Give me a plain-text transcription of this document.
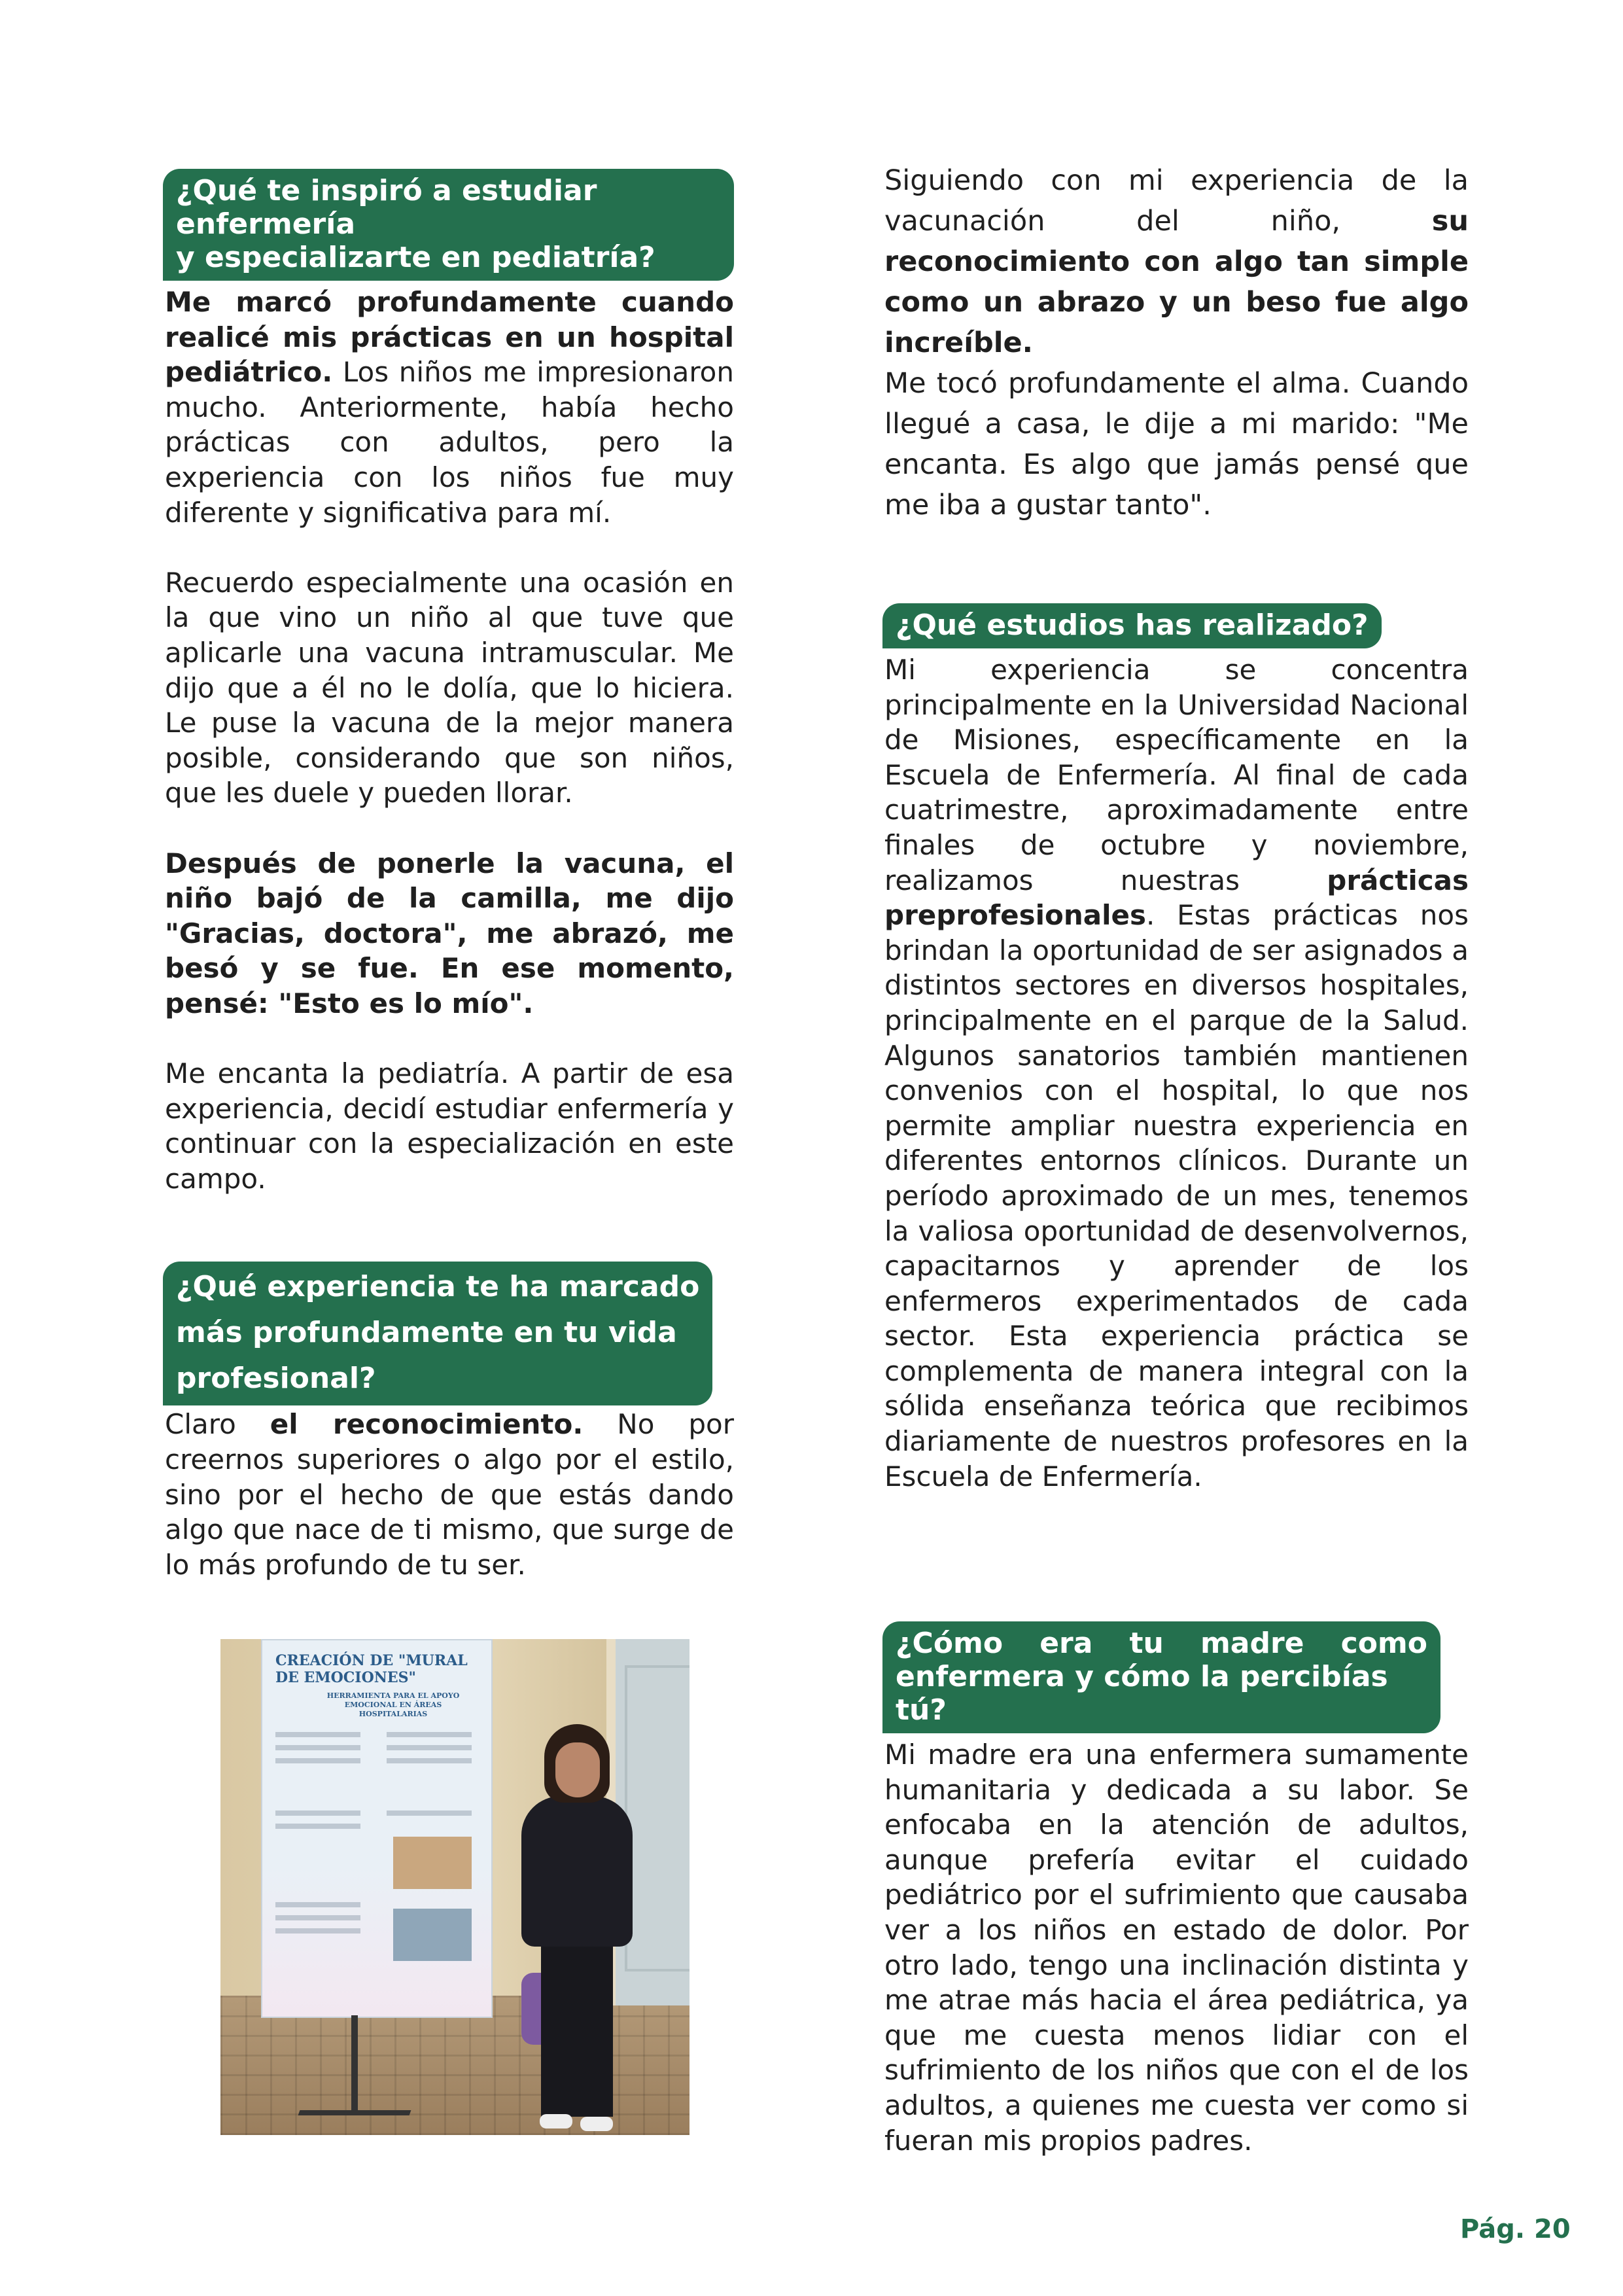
¿Qué te inspiró a estudiar enfermería
y especializarte en pediatría?

Me marcó profundamente cuando realicé mis prácticas en un hospital pediátrico. Los niños me impresionaron mucho. Anteriormente, había hecho prácticas con adultos, pero la experiencia con los niños fue muy diferente y significativa para mí.

Recuerdo especialmente una ocasión en la que vino un niño al que tuve que aplicarle una vacuna intramuscular. Me dijo que a él no le dolía, que lo hiciera. Le puse la vacuna de la mejor manera posible, considerando que son niños, que les duele y pueden llorar.

Después de ponerle la vacuna, el niño bajó de la camilla, me dijo "Gracias, doctora", me abrazó, me besó y se fue. En ese momento, pensé: "Esto es lo mío".

Me encanta la pediatría. A partir de esa experiencia, decidí estudiar enfermería y continuar con la especialización en este campo.

¿Qué experiencia te ha marcado
más profundamente en tu vida
profesional?

Claro el reconocimiento. No por creernos superiores o algo por el estilo, sino por el hecho de que estás dando algo que nace de ti mismo, que surge de lo más profundo de tu ser.

CREACIÓN DE "MURAL DE EMOCIONES"
HERRAMIENTA PARA EL APOYO EMOCIONAL EN ÁREAS HOSPITALARIAS

Siguiendo con mi experiencia de la vacunación del niño, su reconocimiento con algo tan simple como un abrazo y un beso fue algo increíble.

Me tocó profundamente el alma. Cuando llegué a casa, le dije a mi marido: "Me encanta. Es algo que jamás pensé que me iba a gustar tanto".

¿Qué estudios has realizado?

Mi experiencia se concentra principalmente en la Universidad Nacional de Misiones, específicamente en la Escuela de Enfermería. Al final de cada cuatrimestre, aproximadamente entre finales de octubre y noviembre, realizamos nuestras prácticas preprofesionales. Estas prácticas nos brindan la oportunidad de ser asignados a distintos sectores en diversos hospitales, principalmente en el parque de la Salud. Algunos sanatorios también mantienen convenios con el hospital, lo que nos permite ampliar nuestra experiencia en diferentes entornos clínicos. Durante un período aproximado de un mes, tenemos la valiosa oportunidad de desenvolvernos, capacitarnos y aprender de los enfermeros experimentados de cada sector. Esta experiencia práctica se complementa de manera integral con la sólida enseñanza teórica que recibimos diariamente de nuestros profesores en la Escuela de Enfermería.

¿Cómo era tu madre como
enfermera y cómo la percibías tú?

Mi madre era una enfermera sumamente humanitaria y dedicada a su labor. Se enfocaba en la atención de adultos, aunque prefería evitar el cuidado pediátrico por el sufrimiento que causaba ver a los niños en estado de dolor. Por otro lado, tengo una inclinación distinta y me atrae más hacia el área pediátrica, ya que me cuesta menos lidiar con el sufrimiento de los niños que con el de los adultos, a quienes me cuesta ver como si fueran mis propios padres.

Pág. 20
